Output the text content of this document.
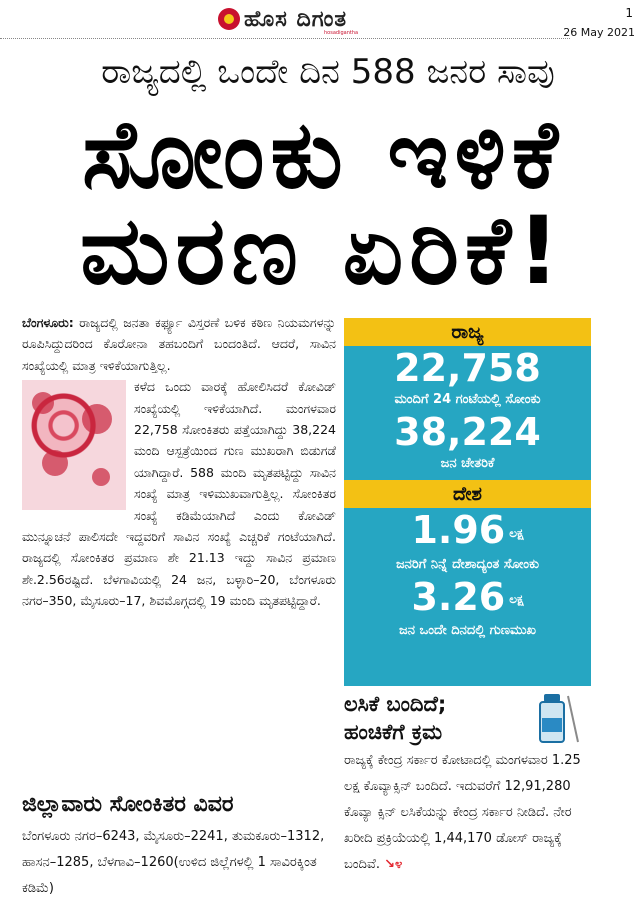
ಹೊಸ ದಿಗಂತ
hosadigantha
1
26 May 2021
ರಾಜ್ಯದಲ್ಲಿ ಒಂದೇ ದಿನ 588 ಜನರ ಸಾವು
ಸೋಂಕು ಇಳಿಕೆ
ಮರಣ ಏರಿಕೆ!

ಬೆಂಗಳೂರು: ರಾಜ್ಯದಲ್ಲಿ ಜನತಾ ಕರ್ಫ್ಯೂ ವಿಸ್ತರಣೆ ಬಳಿಕ ಕಠಿಣ ನಿಯಮಗಳನ್ನು ರೂಪಿಸಿದ್ದುದರಿಂದ ಕೊರೋನಾ ತಹಬಂದಿಗೆ ಬಂದಂತಿದೆ. ಆದರೆ, ಸಾವಿನ ಸಂಖ್ಯೆಯಲ್ಲಿ ಮಾತ್ರ ಇಳಿಕೆಯಾಗುತ್ತಿಲ್ಲ.

ಕಳೆದ ಒಂದು ವಾರಕ್ಕೆ ಹೋಲಿಸಿದರೆ ಕೋವಿಡ್ ಸಂಖ್ಯೆಯಲ್ಲಿ ಇಳಿಕೆಯಾಗಿದೆ. ಮಂಗಳವಾರ 22,758 ಸೋಂಕಿತರು ಪತ್ತೆಯಾಗಿದ್ದು 38,224 ಮಂದಿ ಆಸ್ಪತ್ರೆಯಿಂದ ಗುಣ ಮುಖರಾಗಿ ಬಿಡುಗಡೆ ಯಾಗಿದ್ದಾರೆ. 588 ಮಂದಿ ಮೃತಪಟ್ಟಿದ್ದು ಸಾವಿನ ಸಂಖ್ಯೆ ಮಾತ್ರ ಇಳಿಮುಖವಾಗುತ್ತಿಲ್ಲ. ಸೋಂಕಿತರ ಸಂಖ್ಯೆ ಕಡಿಮೆಯಾಗಿದೆ ಎಂದು ಕೋವಿಡ್ ಮುನ್ನೂಚನೆ ಪಾಲಿಸದೇ ಇದ್ದವರಿಗೆ ಸಾವಿನ ಸಂಖ್ಯೆ ಎಚ್ಚರಿಕೆ ಗಂಟೆಯಾಗಿದೆ. ರಾಜ್ಯದಲ್ಲಿ ಸೋಂಕಿತರ ಪ್ರಮಾಣ ಶೇ 21.13 ಇದ್ದು ಸಾವಿನ ಪ್ರಮಾಣ ಶೇ.2.56ರಷ್ಟಿದೆ. ಬೆಳಗಾವಿಯಲ್ಲಿ 24 ಜನ, ಬಳ್ಳಾರಿ–20, ಬೆಂಗಳೂರು ನಗರ–350, ಮೈಸೂರು–17, ಶಿವಮೊಗ್ಗದಲ್ಲಿ 19 ಮಂದಿ ಮೃತಪಟ್ಟಿದ್ದಾರೆ.

ಜಿಲ್ಲಾವಾರು ಸೋಂಕಿತರ ವಿವರ
ಬೆಂಗಳೂರು ನಗರ–6243, ಮೈಸೂರು–2241, ತುಮಕೂರು–1312, ಹಾಸನ–1285, ಬೆಳಗಾವಿ–1260(ಉಳಿದ ಜಿಲ್ಲೆಗಳಲ್ಲಿ 1 ಸಾವಿರಕ್ಕಿಂತ ಕಡಿಮೆ)
ರಾಜ್ಯ
22,758
ಮಂದಿಗೆ 24 ಗಂಟೆಯಲ್ಲಿ ಸೋಂಕು
38,224
ಜನ ಚೇತರಿಕೆ
ದೇಶ
1.96 ಲಕ್ಷ
ಜನರಿಗೆ ನಿನ್ನೆ ದೇಶಾದ್ಯಂತ ಸೋಂಕು
3.26 ಲಕ್ಷ
ಜನ ಒಂದೇ ದಿನದಲ್ಲಿ ಗುಣಮುಖ
ಲಸಿಕೆ ಬಂದಿದೆ;
ಹಂಚಿಕೆಗೆ ಕ್ರಮ
ರಾಜ್ಯಕ್ಕೆ ಕೇಂದ್ರ ಸರ್ಕಾರ ಕೋಟಾದಲ್ಲಿ ಮಂಗಳವಾರ 1.25 ಲಕ್ಷ ಕೊವ್ಯಾಕ್ಸಿನ್ ಬಂದಿದೆ. ಇದುವರೆಗೆ 12,91,280 ಕೊವ್ಯಾ ಕ್ಸಿನ್ ಲಸಿಕೆಯನ್ನು ಕೇಂದ್ರ ಸರ್ಕಾರ ನೀಡಿದೆ. ನೇರ ಖರೀದಿ ಪ್ರಕ್ರಿಯೆಯಲ್ಲಿ 1,44,170 ಡೋಸ್ ರಾಜ್ಯಕ್ಕೆ ಬಂದಿವೆ. ↘೪
